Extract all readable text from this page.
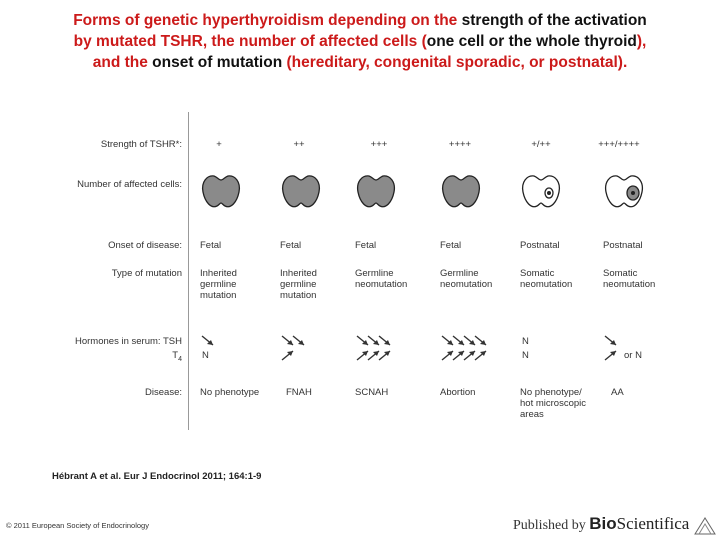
Forms of genetic hyperthyroidism depending on the strength of the activation
by mutated TSHR, the number of affected cells (one cell or the whole thyroid),
and the onset of mutation (hereditary, congenital sporadic, or postnatal).
Strength of TSHR*:
Number of affected cells:
Onset of disease:
Type of mutation
Hormones in serum: TSH
$T_4$
Disease:
+
Fetal
Inherited
germline
mutation
N
No phenotype
++
Fetal
Inherited
germline
mutation
FNAH
+++
Fetal
Germline
neomutation
SCNAH
++++
Fetal
Germline
neomutation
Abortion
+/++
Postnatal
Somatic
neomutation
N
N
No phenotype/
hot microscopic
areas
+++/++++
Postnatal
Somatic
neomutation
or N
AA
Hébrant A et al. Eur J Endocrinol 2011; 164:1-9
© 2011 European Society of Endocrinology	Published by BioScientifica
